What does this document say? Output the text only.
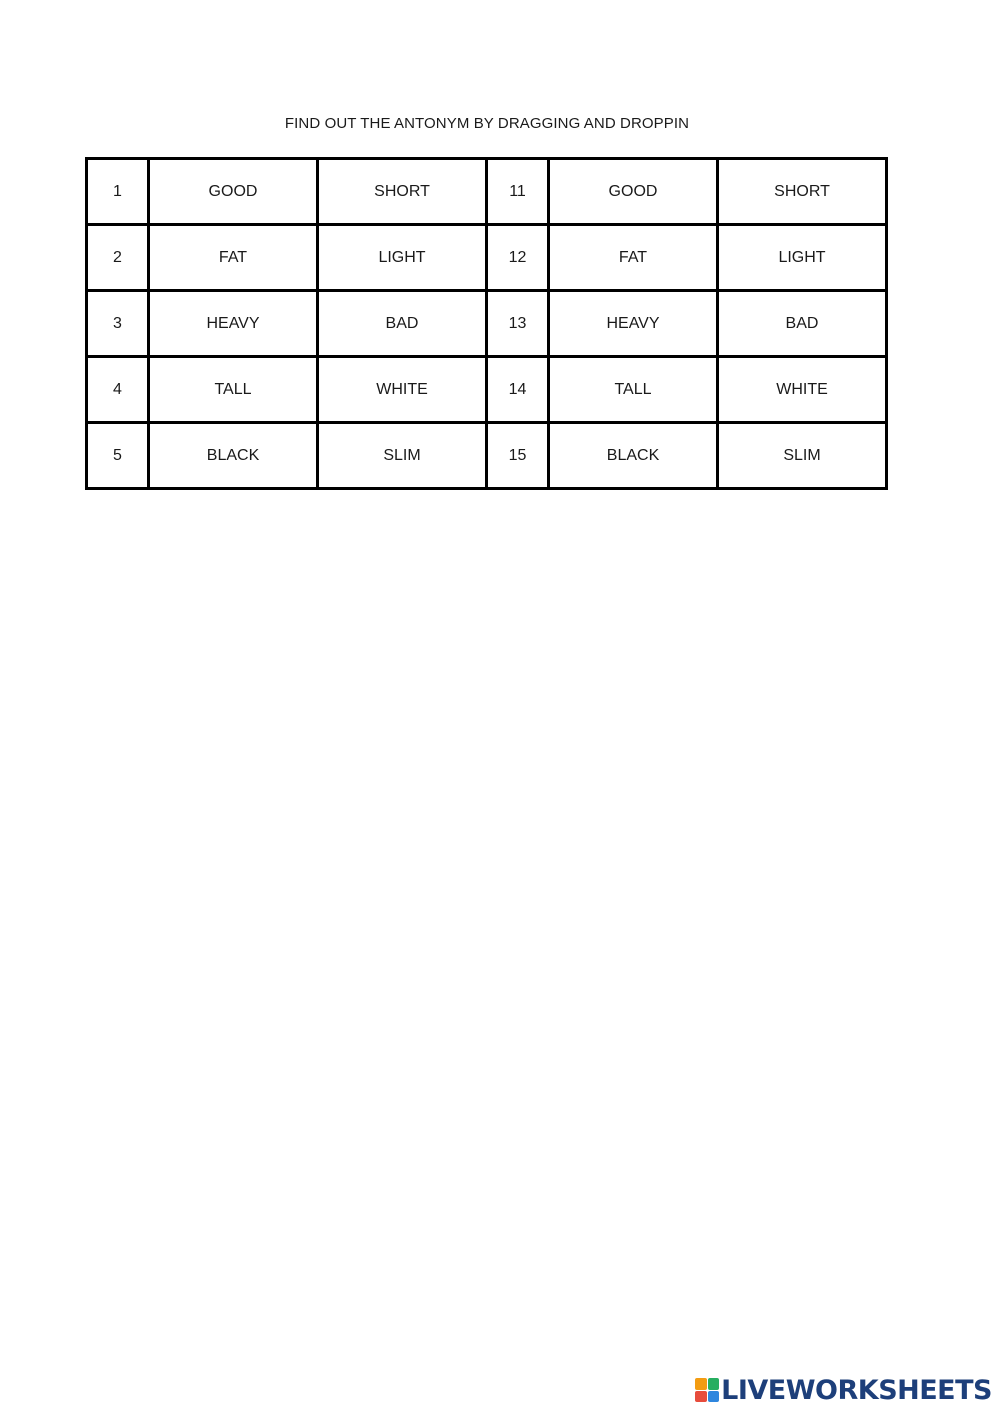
FIND OUT THE ANTONYM BY DRAGGING AND DROPPIN
1	GOOD	SHORT	11	GOOD	SHORT
2	FAT	LIGHT	12	FAT	LIGHT
3	HEAVY	BAD	13	HEAVY	BAD
4	TALL	WHITE	14	TALL	WHITE
5	BLACK	SLIM	15	BLACK	SLIM
LIVEWORKSHEETS
